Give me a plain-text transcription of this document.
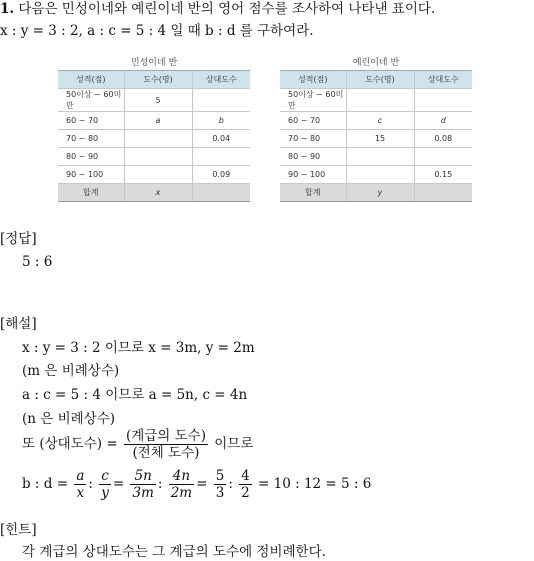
1. 다음은 민성이네와 예린이네 반의 영어 점수를 조사하여 나타낸 표이다.
x : y = 3 : 2, a : c = 5 : 4 일 때 b : d 를 구하여라.
민성이네 반
성적(점)	도수(명)	상대도수
50이상 ~ 60미만	5	
60 ~ 70	a	b
70 ~ 80		0.04
80 ~ 90		
90 ~ 100		0.09
합계	x	
예린이네 반
성적(점)	도수(명)	상대도수
50이상 ~ 60미만		
60 ~ 70	c	d
70 ~ 80	15	0.08
80 ~ 90		
90 ~ 100		0.15
합계	y	
[정답]
5 : 6
[해설]
x : y = 3 : 2 이므로 x = 3m, y = 2m
(m 은 비례상수)
a : c = 5 : 4 이므로 a = 5n, c = 4n
(n 은 비례상수)
또 (상대도수) = $\frac{\text{(계급의 도수)}}{\text{(전체 도수)}}$ 이므로
b : $d = \frac{a}{x}$ : $\frac{c}{y} = \frac{5n}{3m}$ : $\frac{4n}{2m} = \frac{5}{3}$ : $\frac{4}{2} = 10$ : 12 = 5 : 6
[힌트]
각 계급의 상대도수는 그 계급의 도수에 정비례한다.
